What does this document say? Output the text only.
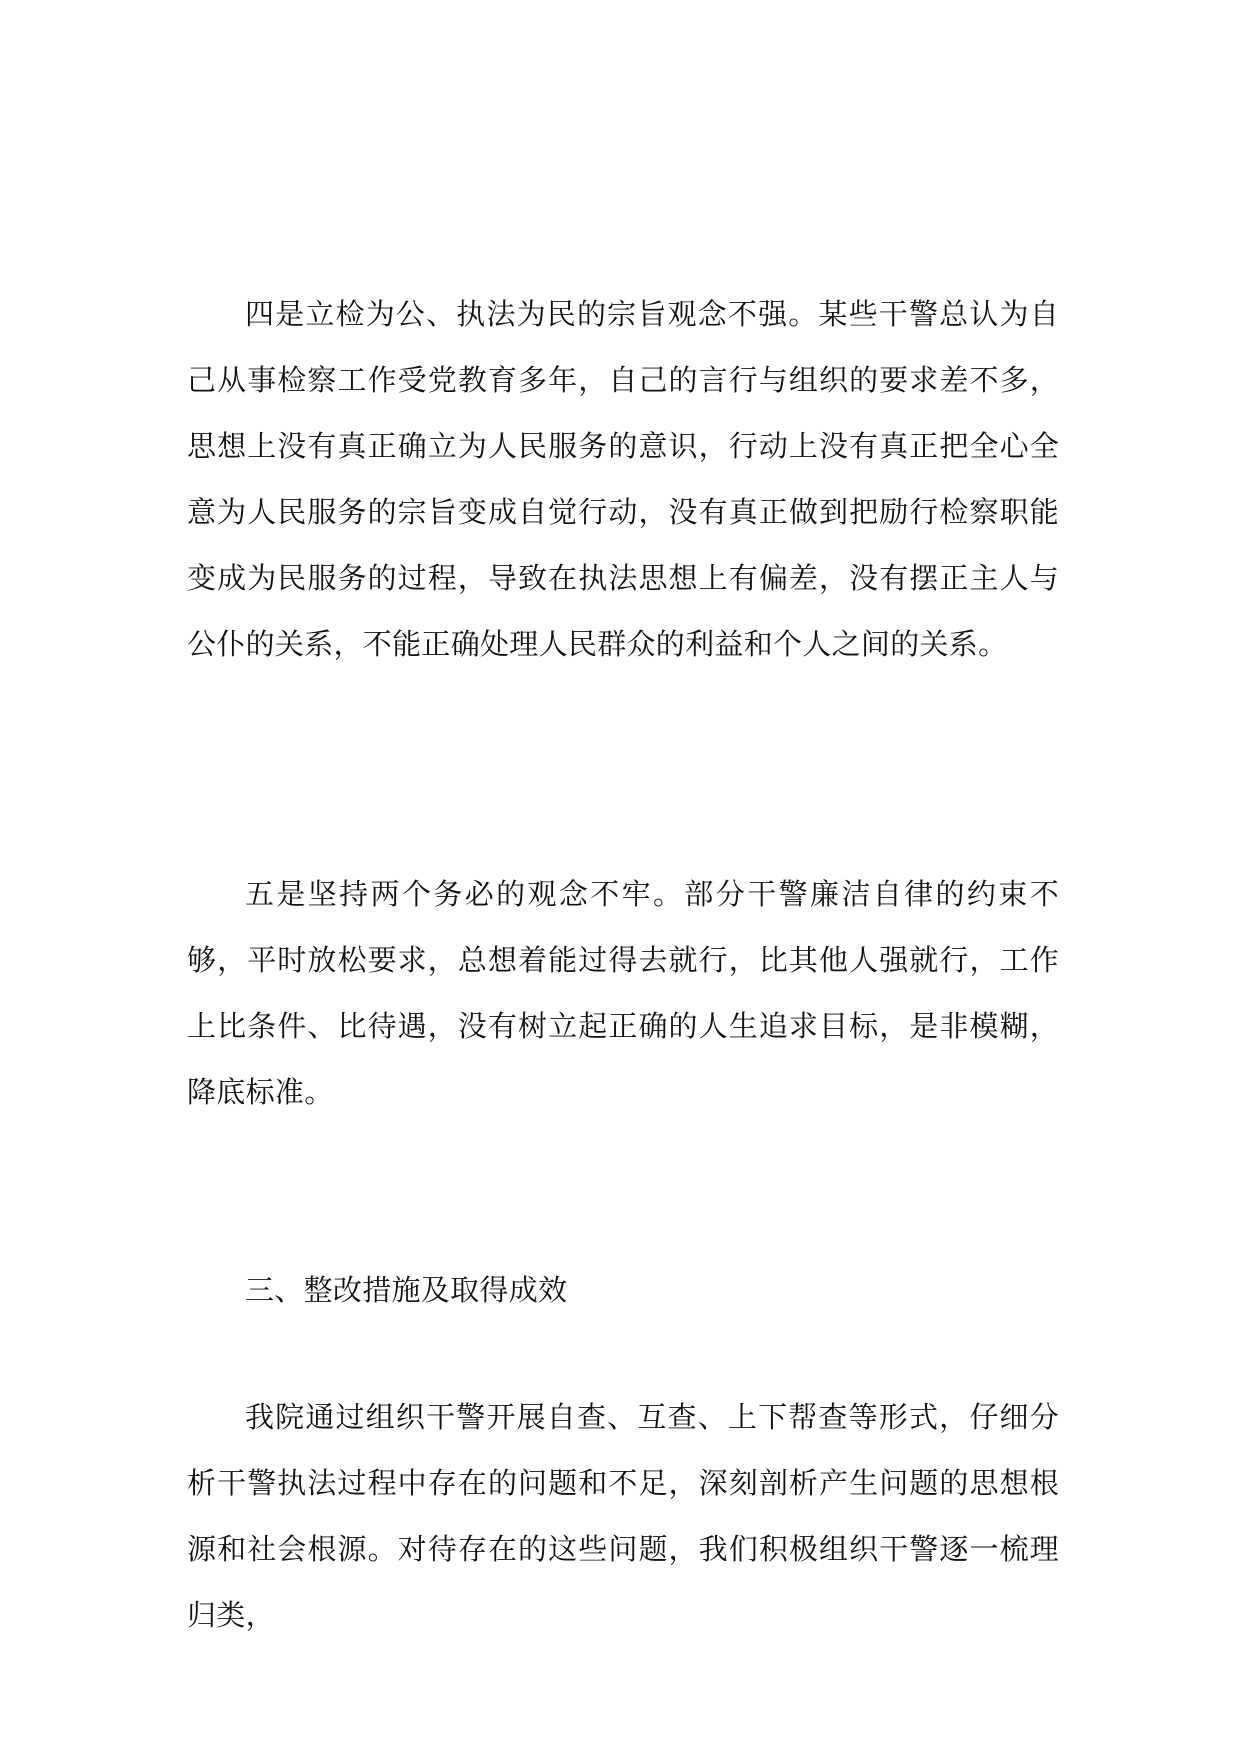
四是立检为公、执法为民的宗旨观念不强。某些干警总认为自己从事检察工作受党教育多年，自己的言行与组织的要求差不多，思想上没有真正确立为人民服务的意识，行动上没有真正把全心全意为人民服务的宗旨变成自觉行动，没有真正做到把励行检察职能变成为民服务的过程，导致在执法思想上有偏差，没有摆正主人与公仆的关系，不能正确处理人民群众的利益和个人之间的关系。

五是坚持两个务必的观念不牢。部分干警廉洁自律的约束不够，平时放松要求，总想着能过得去就行，比其他人强就行，工作上比条件、比待遇，没有树立起正确的人生追求目标，是非模糊，降底标准。

三、整改措施及取得成效

我院通过组织干警开展自查、互查、上下帮查等形式，仔细分析干警执法过程中存在的问题和不足，深刻剖析产生问题的思想根源和社会根源。对待存在的这些问题，我们积极组织干警逐一梳理归类，
